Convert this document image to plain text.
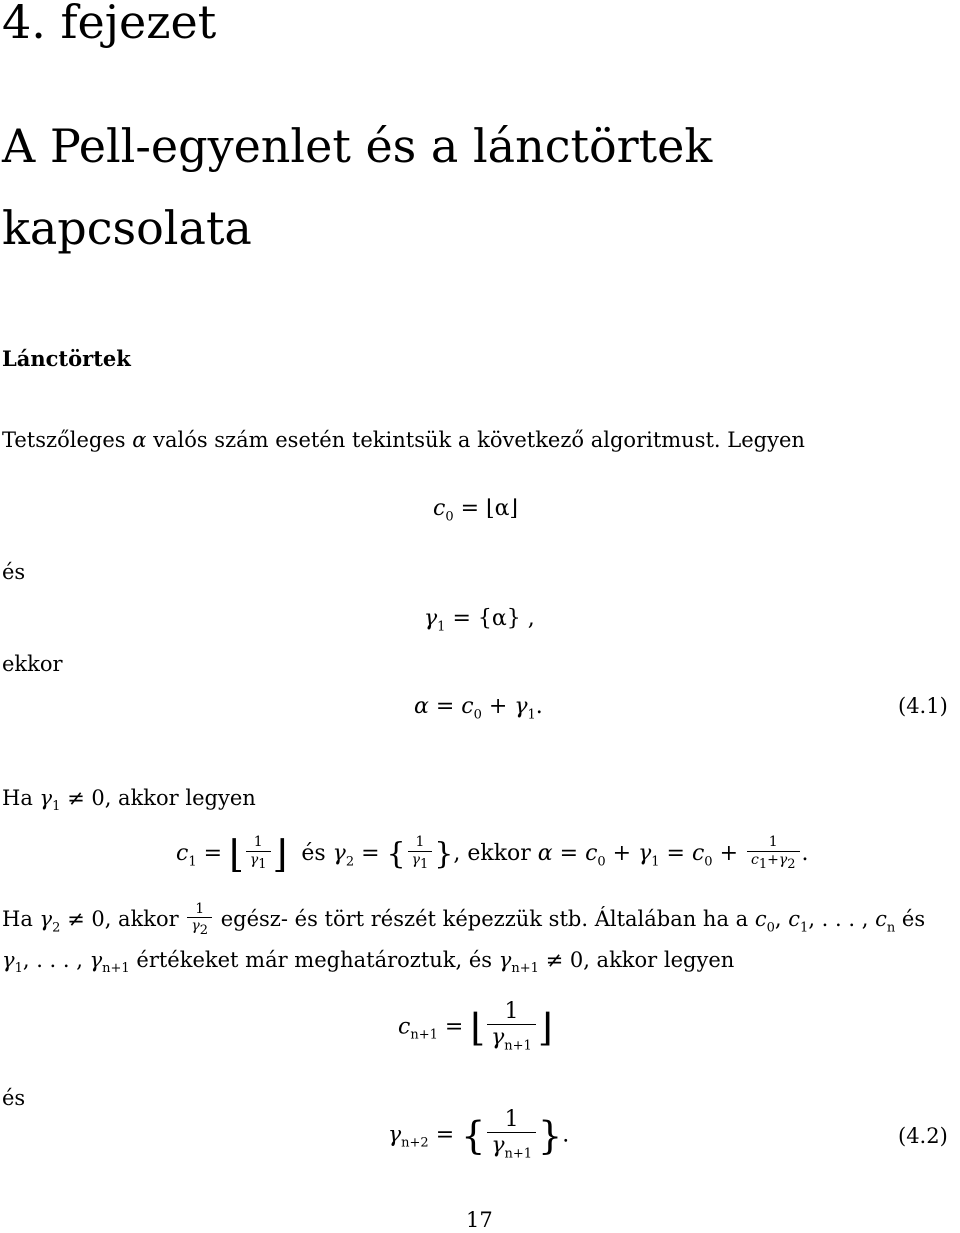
4. fejezet
A Pell-egyenlet és a lánctörtek
kapcsolata
Lánctörtek
Tetszőleges α valós szám esetén tekintsük a következő algoritmust. Legyen
$c_0$ = ⌊α⌋
és
$\gamma_1 = \{\alpha\}$ ,
ekkor
$\alpha = c_0 + \gamma_1$.	(4.1)
Ha $\gamma_1 \ne 0$, akkor legyen
$c_1$ = ⌊ $\frac{1}{\gamma_1}$ ⌋ és $\gamma_2$ = { $\frac{1}{\gamma_1}$ }, ekkor $\alpha = c_0 + \gamma_1 = c_0 + \frac{1}{c_1+\gamma_2}$ .
Ha $\gamma_2 \ne 0$, akkor $\frac{1}{\gamma_2}$ egész- és tört részét képezzük stb. Általában ha a $c_0$, $c_1$, . . . , $c_n$ és
$\gamma_1$, . . . , $\gamma_{n+1}$ értékeket már meghatároztuk, és $\gamma_{n+1} \ne 0$, akkor legyen
$c_{n+1}$ = ⌊ $\frac{1}{\gamma_{n+1}}$ ⌋
és
$\gamma_{n+2}$ = { $\frac{1}{\gamma_{n+1}}$ }.	(4.2)
17
